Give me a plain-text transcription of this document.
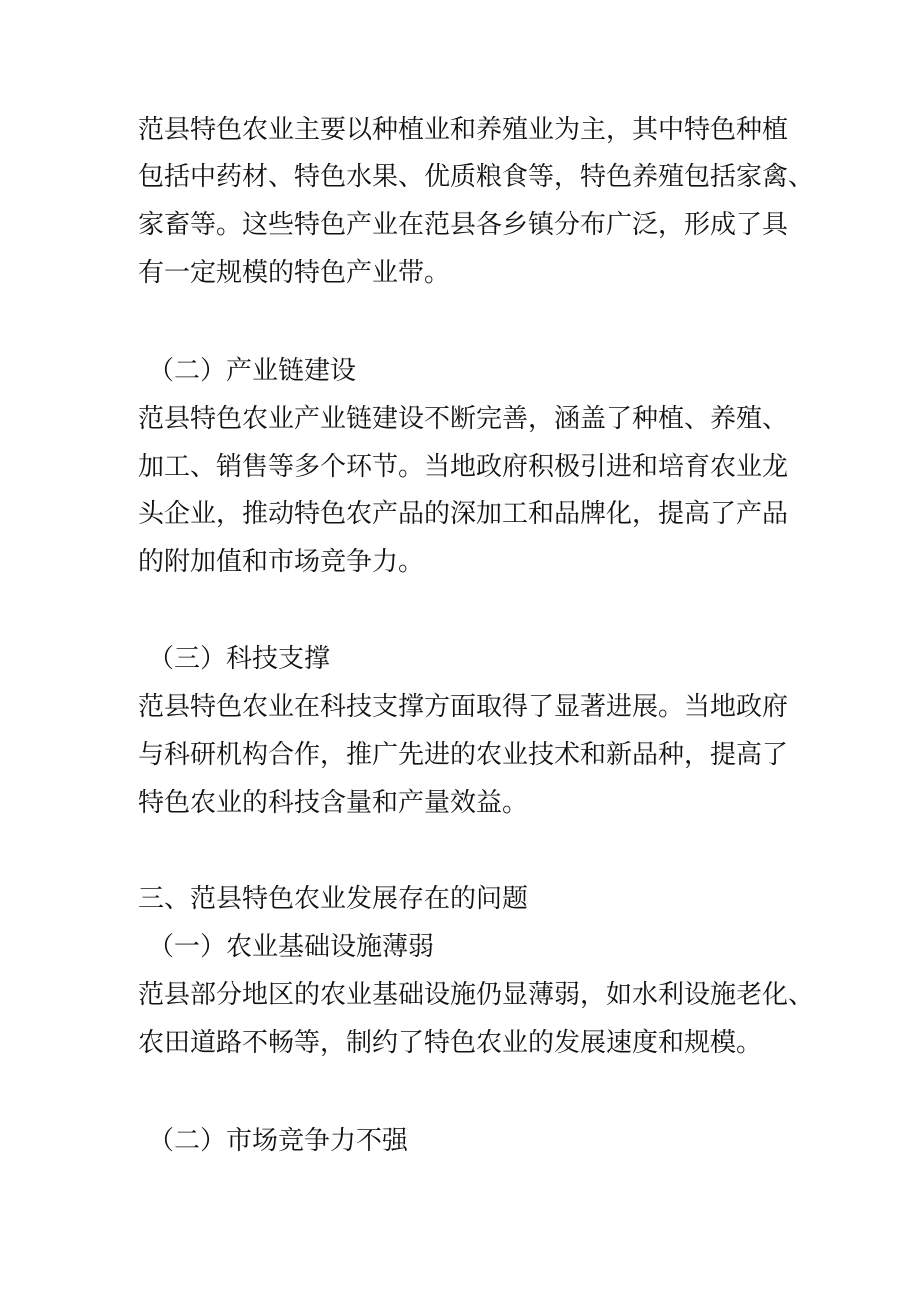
范县特色农业主要以种植业和养殖业为主，其中特色种植
包括中药材、特色水果、优质粮食等，特色养殖包括家禽、
家畜等。这些特色产业在范县各乡镇分布广泛，形成了具
有一定规模的特色产业带。
（二）产业链建设
范县特色农业产业链建设不断完善，涵盖了种植、养殖、
加工、销售等多个环节。当地政府积极引进和培育农业龙
头企业，推动特色农产品的深加工和品牌化，提高了产品
的附加值和市场竞争力。
（三）科技支撑
范县特色农业在科技支撑方面取得了显著进展。当地政府
与科研机构合作，推广先进的农业技术和新品种，提高了
特色农业的科技含量和产量效益。
三、范县特色农业发展存在的问题
（一）农业基础设施薄弱
范县部分地区的农业基础设施仍显薄弱，如水利设施老化、
农田道路不畅等，制约了特色农业的发展速度和规模。
（二）市场竞争力不强
